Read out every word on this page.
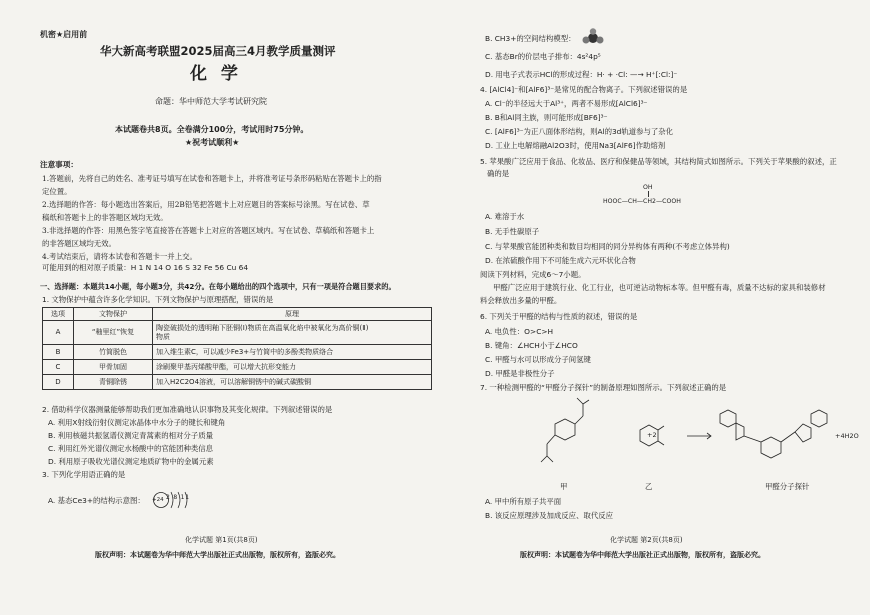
机密★启用前
华大新高考联盟2025届高三4月教学质量测评
化 学
命题：华中师范大学考试研究院
本试题卷共8页。全卷满分100分，考试用时75分钟。
★祝考试顺利★
注意事项：
1.答题前，先将自己的姓名、准考证号填写在试卷和答题卡上，并将准考证号条形码粘贴在答题卡上的指
定位置。
2.选择题的作答：每小题选出答案后，用2B铅笔把答题卡上对应题目的答案标号涂黑。写在试卷、草
稿纸和答题卡上的非答题区域均无效。
3.非选择题的作答：用黑色签字笔直接答在答题卡上对应的答题区域内。写在试卷、草稿纸和答题卡上
的非答题区域均无效。
4.考试结束后，请将本试卷和答题卡一并上交。
可能用到的相对原子质量：H 1 N 14 O 16 S 32 Fe 56 Cu 64
一、选择题：本题共14小题，每小题3分，共42分。在每小题给出的四个选项中，只有一项是符合题目要求的。
1. 文物保护中蕴含许多化学知识。下列文物保护与原理搭配，错误的是
选项	文物保护	原理
A	“釉里红”恢复	陶瓷破损处的透明釉下胚铜(Ⅰ)物质在高温氧化焰中被氧化为高价铜(Ⅱ)
物质
B	竹简脱色	加入维生素C，可以减少Fe3+与竹简中的多酚类物质络合
C	甲骨加固	涂刷聚甲基丙烯酸甲酯，可以增大抗形变能力
D	青铜除锈	加入H2C2O4溶液，可以溶解铜锈中的碱式碳酸铜
2. 借助科学仪器测量能够帮助我们更加准确地认识事物及其变化规律。下列叙述错误的是
A. 利用X射线衍射仪测定冰晶体中水分子的键长和键角
B. 利用核磁共振氢谱仪测定青蒿素的相对分子质量
C. 利用红外光谱仪测定水杨酸中的官能团种类信息
D. 利用原子吸收光谱仪测定地质矿物中的金属元素
3. 下列化学用语正确的是
A. 基态Ce3+的结构示意图： +24 2 8 11
化学试题 第1页(共8页)
版权声明：本试题卷为华中师范大学出版社正式出版物，版权所有，盗版必究。
B. CH3+的空间结构模型：
C. 基态Br的价层电子排布：4s²4p⁵
D. 用电子式表示HCl的形成过程：H· + ·Cl: —→ H⁺[:Cl:]⁻
4. [AlCl4]⁻和[AlF6]³⁻是常见的配合物离子。下列叙述错误的是
A. Cl⁻的半径远大于Al³⁺，两者不易形成[AlCl6]³⁻
B. B和Al同主族，则可能形成[BF6]³⁻
C. [AlF6]³⁻为正八面体形结构，则Al的3d轨道参与了杂化
D. 工业上电解熔融Al2O3时，使用Na3[AlF6]作助熔剂
5. 苹果酸广泛应用于食品、化妆品、医疗和保健品等领域，其结构简式如图所示。下列关于苹果酸的叙述，正
确的是
OH
HOOC—CH—CH2—COOH
A. 难溶于水
B. 无手性碳原子
C. 与苹果酸官能团种类和数目均相同的同分异构体有两种(不考虑立体异构)
D. 在浓硫酸作用下不可能生成六元环状化合物
阅读下列材料，完成6～7小题。
甲醛广泛应用于建筑行业、化工行业，也可逆沾动物标本等。但甲醛有毒，质量不达标的家具和装修材
料会释放出多量的甲醛。
6. 下列关于甲醛的结构与性质的叙述，错误的是
A. 电负性：O>C>H
B. 键角：∠HCH小于∠HCO
C. 甲醛与水可以形成分子间氢键
D. 甲醛是非极性分子
7. 一种检测甲醛的“甲醛分子探针”的制备原理如图所示。下列叙述正确的是
+2	+4H2O
甲	乙	甲醛分子探针
A. 甲中所有原子共平面
B. 该反应原理涉及加成反应、取代反应
化学试题 第2页(共8页)
版权声明：本试题卷为华中师范大学出版社正式出版物，版权所有，盗版必究。
